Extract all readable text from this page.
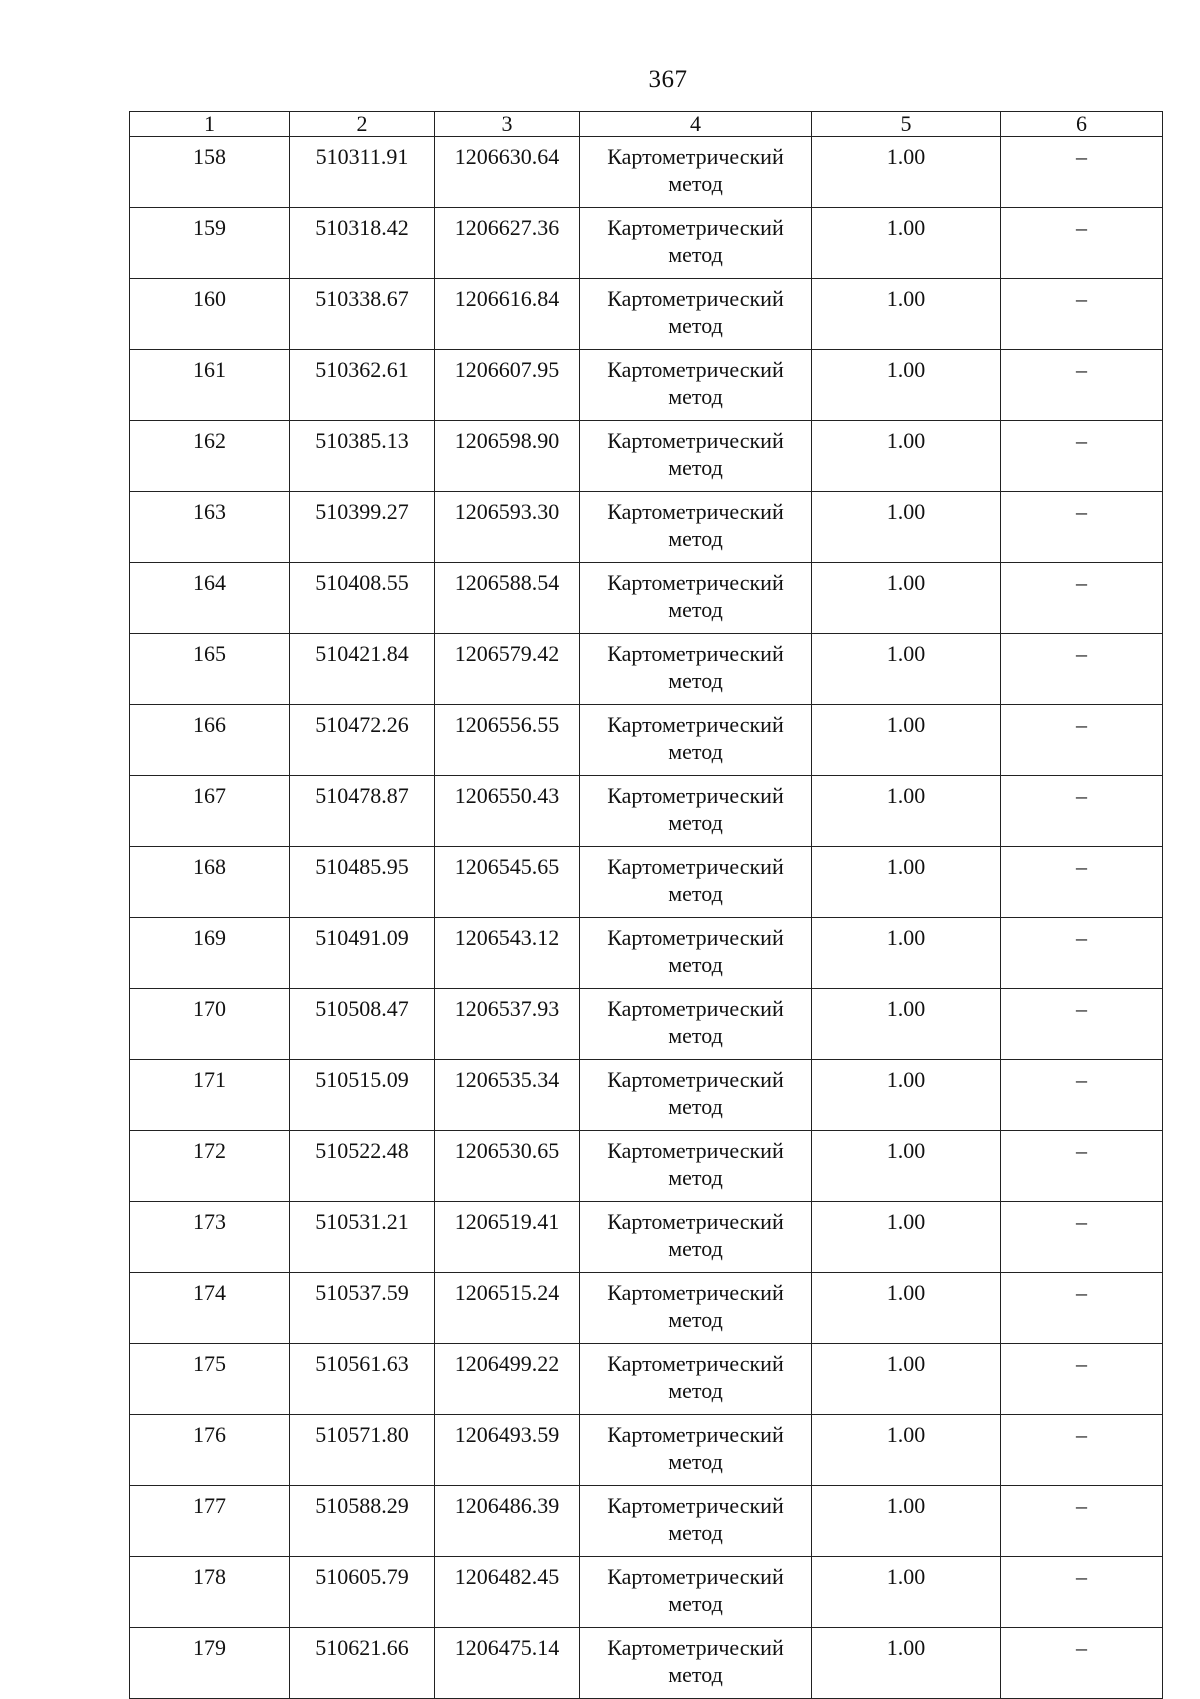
367
1	2	3	4	5	6
158	510311.91	1206630.64	Картометрический метод	1.00	–
159	510318.42	1206627.36	Картометрический метод	1.00	–
160	510338.67	1206616.84	Картометрический метод	1.00	–
161	510362.61	1206607.95	Картометрический метод	1.00	–
162	510385.13	1206598.90	Картометрический метод	1.00	–
163	510399.27	1206593.30	Картометрический метод	1.00	–
164	510408.55	1206588.54	Картометрический метод	1.00	–
165	510421.84	1206579.42	Картометрический метод	1.00	–
166	510472.26	1206556.55	Картометрический метод	1.00	–
167	510478.87	1206550.43	Картометрический метод	1.00	–
168	510485.95	1206545.65	Картометрический метод	1.00	–
169	510491.09	1206543.12	Картометрический метод	1.00	–
170	510508.47	1206537.93	Картометрический метод	1.00	–
171	510515.09	1206535.34	Картометрический метод	1.00	–
172	510522.48	1206530.65	Картометрический метод	1.00	–
173	510531.21	1206519.41	Картометрический метод	1.00	–
174	510537.59	1206515.24	Картометрический метод	1.00	–
175	510561.63	1206499.22	Картометрический метод	1.00	–
176	510571.80	1206493.59	Картометрический метод	1.00	–
177	510588.29	1206486.39	Картометрический метод	1.00	–
178	510605.79	1206482.45	Картометрический метод	1.00	–
179	510621.66	1206475.14	Картометрический метод	1.00	–
